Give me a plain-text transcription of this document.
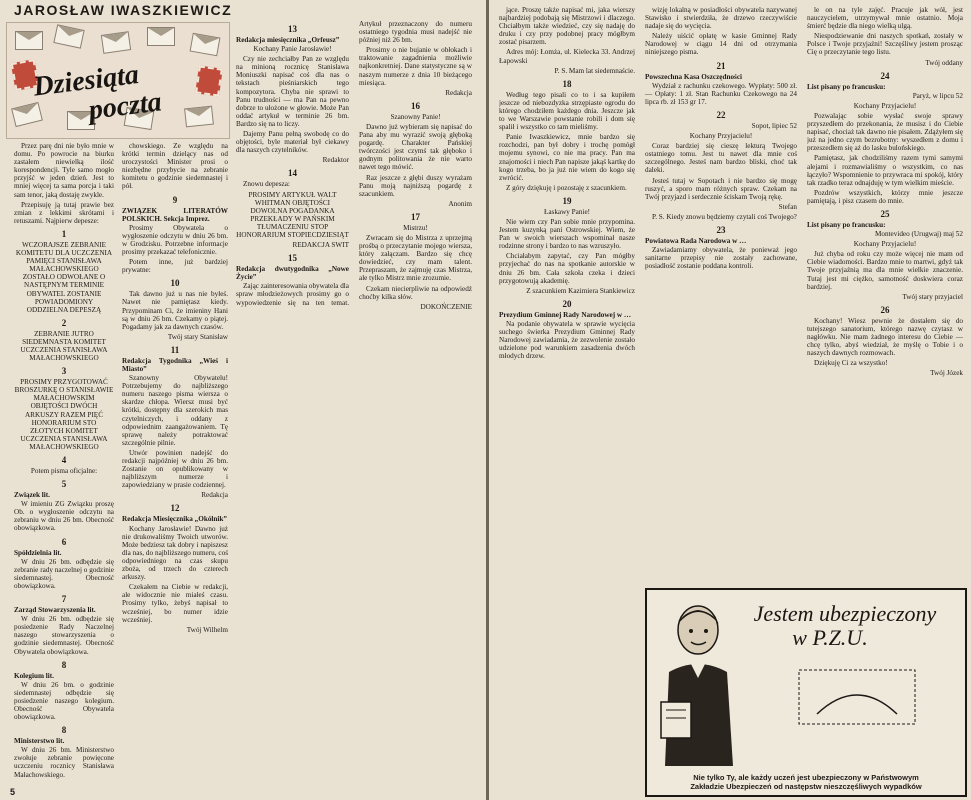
JAROSŁAW IWASZKIEWICZ
Dziesiąta
poczta

Przez parę dni nie było mnie w domu. Po powrocie na biurku zastałem niewielką ilość korespondencji. Tyle samo mogło przyjść w jeden dzień. Jest to mniej więcej ta sama porcja i taki sam tenor, jaką dostaję zwykle.

Przepisuję ją tutaj prawie bez zmian z lekkimi skrótami i retuszami. Najpierw depesze:

1

WCZORAJSZE ZEBRANIE KOMITETU DLA UCZCZENIA PAMIĘCI STANISŁAWA MAŁACHOWSKIEGO ZOSTAŁO ODWOŁANE O NASTĘPNYM TERMINIE OBYWATEL ZOSTANIE POWIADOMIONY ODDZIELNA DEPESZĄ

2

ZEBRANIE JUTRO SIEDEMNASTA KOMITET UCZCZENIA STANISŁAWA MAŁACHOWSKIEGO

3

PROSIMY PRZYGOTOWAĆ BROSZURKĘ O STANISŁAWIE MAŁACHOWSKIM OBJĘTOŚCI DWÓCH ARKUSZY RAZEM PIĘĆ HONORARIUM STO ZŁOTYCH KOMITET UCZCZENIA STANISŁAWA MAŁACHOWSKIEGO

4

Potem pisma oficjalne:

5

Związek lit.

W imieniu ZG Związku proszę Ob. o wygłoszenie odczytu na zebraniu w dniu 26 bm. Obecność obowiązkowa.

6

Spółdzielnia lit.

W dniu 26 bm. odbędzie się zebranie rady naczelnej o godzinie siedemnastej. Obecność obowiązkowa.

7

Zarząd Stowarzyszenia lit.

W dniu 26 bm. odbędzie się posiedzenie Rady Naczelnej naszego stowarzyszenia o godzinie siedemnastej. Obecność Obywatela obowiązkowa.

8

Kolegium lit.

W dniu 26 bm. o godzinie siedemnastej odbędzie się posiedzenie naszego kolegium. Obecność Obywatela obowiązkowa.

8

Ministerstwo lit.

W dniu 26 bm. Ministerstwo zwołuje zebranie powięcone uczczeniu rocznicy Stanisława Małachowskiego.

chowskiego. Ze względu na krótki termin dzielący nas od uroczystości Minister prosi o niezbędne przybycie na zebranie komitetu o godzinie siedemnastej i pół.

9

ZWIĄZEK LITERATÓW POLSKICH. Sekcja Imprez.

Prosimy Obywatela o wygłoszenie odczytu w dniu 26 bm. w Grodzisku. Potrzebne informacje prosimy przekazać telefonicznie.

Potem inne, już bardziej prywatne:

10

Tak dawno już u nas nie byłeś. Nawet nie pamiętasz kiedy. Przypominam Ci, że imieniny Hani są w dniu 26 bm. Czekamy o piątej. Pogadamy jak za dawnych czasów.

Twój stary Stanisław

11

Redakcja Tygodnika „Wieś i Miasto”

Szanowny Obywatelu! Potrzebujemy do najbliższego numeru naszego pisma wiersza o skardze chłopa. Wiersz musi być krótki, dostępny dla szerokich mas czytelniczych, i oddany z odpowiednim zaangażowaniem. Tę sprawę należy potraktować szczególnie pilnie.

Utwór powinien nadejść do redakcji najpóźniej w dniu 26 bm. Zostanie on opublikowany w najbliższym numerze i zapowiedziany w prasie codziennej.

Redakcja

12

Redakcja Miesięcznika „Okólnik”

Kochany Jarosławie! Dawno już nie drukowaliśmy Twoich utworów. Może bedziesz tak dobry i napiszesz dla nas, do najbliższego numeru, coś odpowiedniego na czas skupu zboża, od trzech do czterech arkuszy.

Czekałem na Ciebie w redakcji, ale widocznie nie miałeś czasu. Prosimy tylko, żebyś napisał to wcześniej, bo numer idzie wcześniej.

Twój Wilhelm

13

Redakcja miesięcznika „Orfeusz”

Kochany Panie Jarosławie!

Czy nie zechciałby Pan ze względu na minioną rocznicę Stanisława Moniuszki napisać coś dla nas o tekstach pieśniarskich tego kompozytora. Chyba nie sprawi to Panu trudności — ma Pan na pewno dobrze to ułożone w głowie. Może Pan oddać artykuł w terminie 26 bm. Bardzo się na to liczy.

Dajemy Panu pełną swobodę co do objętości, byle materiał był ciekawy dla naszych czytelników.

Redaktor

14

Znowu depesza:

PROSIMY ARTYKUŁ WALT WHITMAN OBJĘTOŚCI DOWOLNA POGADANKA PRZEKŁADY W PAŃSKIM TŁUMACZENIU STOP HONORARIUM STOPIECDZIESIĄT

REDAKCJA SWIT

15

Redakcja dwutygodnika „Nowe Życie”

Zając zainteresowania obywatela dla spraw młodzieżowych prosimy go o wypowiedzenie się na ten temat. Artykuł przeznaczony do numeru ostatniego tygodnia musi nadejść nie później niż 26 bm.

Prosimy o nie bujanie w obłokach i traktowanie zagadnienia możliwie najkonkretniej. Dane statystyczne są w naszym numerze z dnia 10 bieżącego miesiąca.

Redakcja

16

Szanowny Panie!

Dawno już wybieram się napisać do Pana aby mu wyrazić swoją głęboką pogardę. Charakter Pańskiej twórczości jest czymś tak głęboko i godnym politowania że nie warto nawet tego mówić.

Raz jeszcze z głębi duszy wyrażam Panu moją najniższą pogardę z szacunkiem.

Anonim

17

Mistrzu!

Zwracam się do Mistrza z uprzejmą prośbą o przeczytanie mojego wiersza, który załączam. Bardzo się chcę dowiedzieć, czy mam talent. Przepraszam, że zajmuję czas Mistrza, ale tylko Mistrz mnie zrozumie.

Czekam niecierpliwie na odpowiedź choćby kilka słów.

DOKOŃCZENIE

5

jące. Proszę także napisać mi, jaka wierszy najbardziej podobają się Mistrzowi i dlaczego. Chciałbym także wiedzieć, czy się nadaję do druku i czy przy podobnej pracy mógłbym zostać pisarzem.

Adres mój: Łomża, ul. Kielecka 33. Andrzej Łapowski

P. S. Mam lat siedemnaście.

18

Według tego pisali co to i sa kupiłem jeszcze od niebozdyzka strzępiaste ogrodu do którego chodziłem każdego dnia. Jeszcze jak to we Warszawie powstanie robili i dom się spalił i wszystko co tam mieliśmy.

Panie Iwaszkiewicz, mnie bardzo się rozchodzi, pan był dobry i trochę pomógł mojemu synowi, co nie ma pracy. Pan ma znajomości i niech Pan napisze jakąś kartkę do kogo trzeba, bo ja już nie wiem do kogo się zwrócić.

Z góry dziękuję i pozostaję z szacunkiem.

19

Łaskawy Panie!

Nie wiem czy Pan sobie mnie przypomina. Jestem kuzynką pani Ostrowskiej. Wiem, że Pan w swoich wierszach wspominał nasze rodzinne strony i bardzo to nas wzruszyło.

Chciałabym zapytać, czy Pan mógłby przyjechać do nas na spotkanie autorskie w dniu 26 bm. Cała szkoła czeka i dzieci przygotowują akademię.

Z szacunkiem Kazimiera Stankiewicz

20

Prezydium Gminnej Rady Narodowej w …

Na podanie obywatela w sprawie wycięcia suchego świerka Prezydium Gminnej Rady Narodowej zawiadamia, że zezwolenie zostało udzielone pod warunkiem zasadzenia dwóch młodych drzew.

wizję lokalną w posiadłości obywatela nazywanej Stawisko i stwierdziła, że drzewo rzeczywiście nadaje się do wycięcia.

Należy uiścić opłatę w kasie Gminnej Rady Narodowej w ciągu 14 dni od otrzymania niniejszego pisma.

21

Powszechna Kasa Oszczędności

Wydział z rachunku czekowego. Wypłaty: 500 zł. — Opłaty: 1 zł. Stan Rachunku Czekowego na 24 lipca rb. zł 153 gr 17.

22

Sopot, lipiec 52

Kochany Przyjacielu!

Coraz bardziej się cieszę lekturą Twojego ostatniego tomu. Jest tu nawet dla mnie coś szczególnego. Jesteś nam bardzo bliski, choć tak daleki.

Jesteś tutaj w Sopotach i nie bardzo się mogę ruszyć, a sporo mam różnych spraw. Czekam na Twój przyjazd i serdecznie ściskam Twoją rękę.

Stefan

P. S. Kiedy znowu będziemy czytali coś Twojego?

23

Powiatowa Rada Narodowa w …

Zawiadamiamy obywatela, że ponieważ jego sanitarne przepisy nie zostały zachowane, posiadłość zostanie poddana kontroli.

le on na tyle zajęć. Pracuje jak wół, jest nauczycielem, utrzymywał mnie ostatnio. Moja śmierć będzie dla niego wielką ulgą.

Niespodziewanie dni naszych spotkań, zostały w Polsce i Twoje przyjaźni! Szczęśliwy jestem prosząc Cię o przeczytanie tego listu.

Twój oddany

24

List pisany po francusku:

Paryż, w lipcu 52

Kochany Przyjacielu!

Pozwalając sobie wysłać swoje sprawy przyszedłem do przekonania, że musisz i do Ciebie napisać, chociaż tak dawno nie pisałem. Zdążyłem się już na jedno czym bezrobotny: wyszedłem z domu i przeszedłem się aż do lasku bulońskiego.

Pamiętasz, jak chodziliśmy razem tymi samymi alejami i rozmawialiśmy o wszystkim, co nas łączyło? Wspomnienie to przywraca mi spokój, który tak rzadko teraz odnajduję w tym wielkim mieście.

Pozdrów wszystkich, którzy mnie jeszcze pamiętają, i pisz czasem do mnie.

25

List pisany po francusku:

Montevideo (Urugwaj) maj 52

Kochany Przyjacielu!

Już chyba od roku czy może więcej nie mam od Ciebie wiadomości. Bardzo mnie to martwi, gdyż tak Twoje przyjaźnią ma dla mnie wielkie znaczenie. Tutaj jest mi ciężko, samotność doskwiera coraz bardziej.

Twój stary przyjaciel

26

Kochany! Wiesz pewnie że dostałem się do tutejszego sanatorium, którego nazwę czytasz w nagłówku. Nie mam żadnego interesu do Ciebie — chcę tylko, abyś wiedział, że myślę o Tobie i o naszych dawnych rozmowach.

Dziękuję Ci za wszystko!

Twój Józek

Jestem ubezpieczony
w P.Z.U.
Nie tylko Ty, ale każdy uczeń jest ubezpieczony w Państwowym
Zakładzie Ubezpieczeń od następstw nieszczęśliwych wypadków
